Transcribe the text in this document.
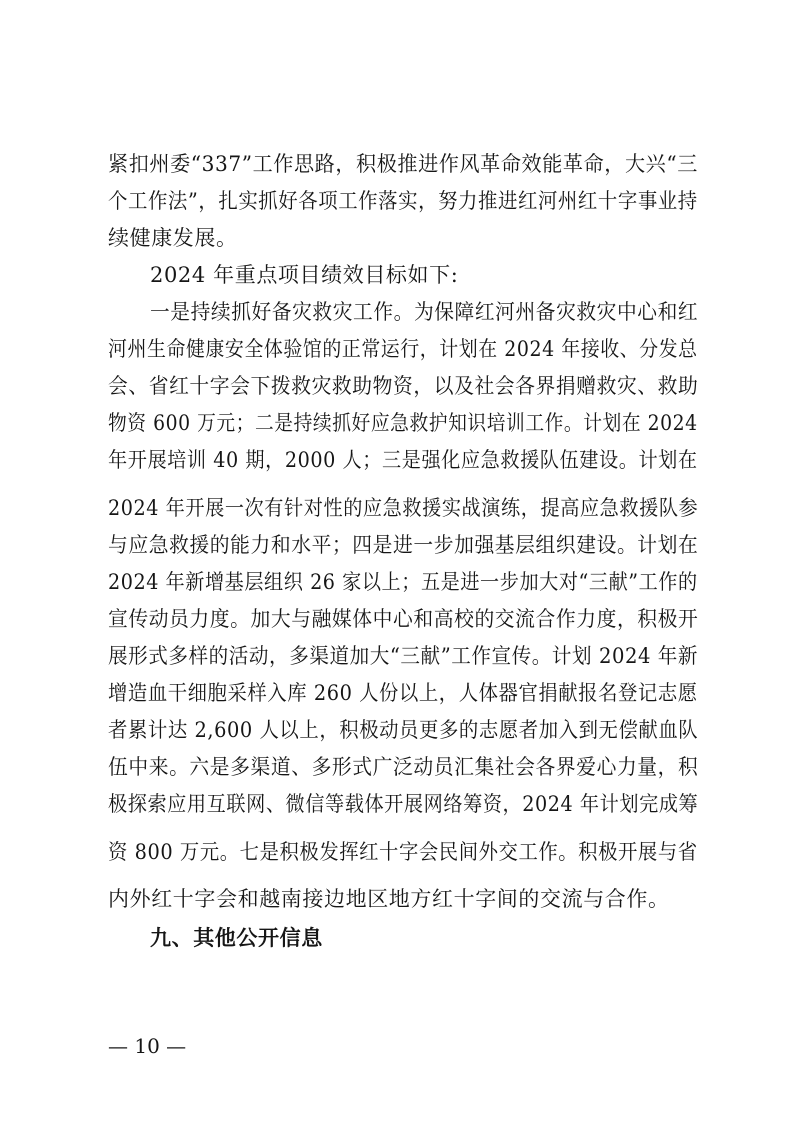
紧扣州委“337”工作思路，积极推进作风革命效能革命，大兴“三
个工作法”，扎实抓好各项工作落实，努力推进红河州红十字事业持
续健康发展。
2024 年重点项目绩效目标如下:
一是持续抓好备灾救灾工作。为保障红河州备灾救灾中心和红
河州生命健康安全体验馆的正常运行，计划在 2024 年接收、分发总
会、省红十字会下拨救灾救助物资，以及社会各界捐赠救灾、救助
物资 600 万元；二是持续抓好应急救护知识培训工作。计划在 2024
年开展培训 40 期，2000 人；三是强化应急救援队伍建设。计划在
2024 年开展一次有针对性的应急救援实战演练，提高应急救援队参
与应急救援的能力和水平；四是进一步加强基层组织建设。计划在
2024 年新增基层组织 26 家以上；五是进一步加大对“三献”工作的
宣传动员力度。加大与融媒体中心和高校的交流合作力度，积极开
展形式多样的活动，多渠道加大“三献”工作宣传。计划 2024 年新
增造血干细胞采样入库 260 人份以上，人体器官捐献报名登记志愿
者累计达 2,600 人以上，积极动员更多的志愿者加入到无偿献血队
伍中来。六是多渠道、多形式广泛动员汇集社会各界爱心力量，积
极探索应用互联网、微信等载体开展网络筹资，2024 年计划完成筹
资 800 万元。七是积极发挥红十字会民间外交工作。积极开展与省
内外红十字会和越南接边地区地方红十字间的交流与合作。
九、其他公开信息
— 10 —
